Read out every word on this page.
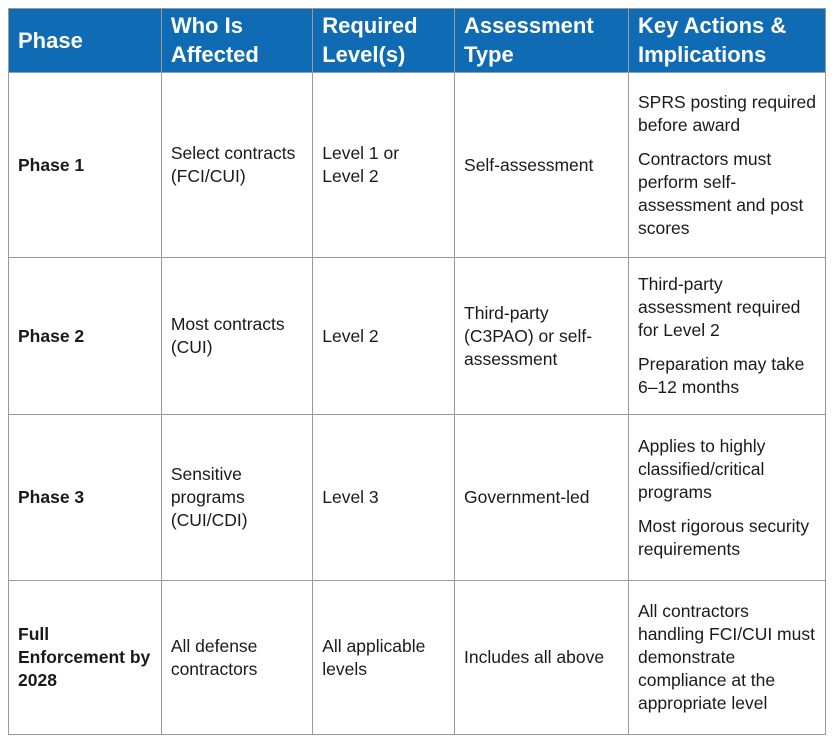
Phase	Who Is Affected	Required Level(s)	Assessment Type	Key Actions & Implications
Phase 1	Select contracts (FCI/CUI)	Level 1 or Level 2	Self-assessment	SPRS posting required before award
Contractors must perform self-assessment and post scores

Phase 2	Most contracts (CUI)	Level 2	Third-party (C3PAO) or self-assessment	Third-party assessment required for Level 2
Preparation may take 6–12 months

Phase 3	Sensitive programs (CUI/CDI)	Level 3	Government-led	Applies to highly classified/critical programs
Most rigorous security requirements

Full Enforcement by 2028	All defense contractors	All applicable levels	Includes all above	All contractors handling FCI/CUI must demonstrate compliance at the appropriate level
